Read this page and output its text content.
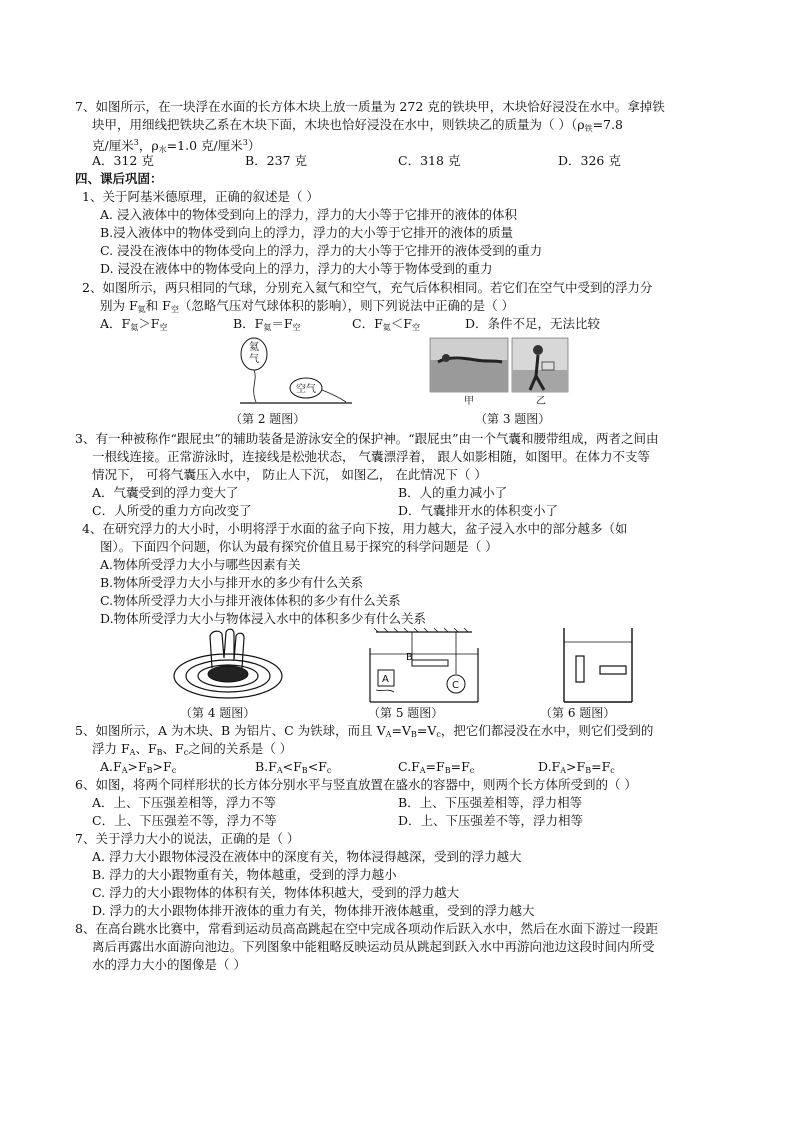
7、如图所示，在一块浮在水面的长方体木块上放一质量为 272 克的铁块甲，木块恰好浸没在水中。拿掉铁
块甲，用细线把铁块乙系在木块下面，木块也恰好浸没在水中，则铁块乙的质量为（ ）（$\rho_铁=7.8$
克/厘米$^3$，$\rho_水=1.0$ 克/厘米$^3$）
A．312 克	B．237 克	C．318 克	D．326 克
四、课后巩固：
1、关于阿基米德原理，正确的叙述是（ ）
A. 浸入液体中的物体受到向上的浮力，浮力的大小等于它排开的液体的体积
B.浸入液体中的物体受到向上的浮力，浮力的大小等于它排开的液体的质量
C. 浸没在液体中的物体受向上的浮力，浮力的大小等于它排开的液体受到的重力
D. 浸没在液体中的物体受向上的浮力，浮力的大小等于物体受到的重力
2、如图所示，两只相同的气球，分别充入氦气和空气，充气后体积相同。若它们在空气中受到的浮力分
别为 $F_氦$和 $F_空$（忽略气压对气球体积的影响），则下列说法中正确的是（ ）
A．$F_氦>F_空$	B．$F_氦=F_空$	C．$F_氦<F_空$	D．条件不足，无法比较
氦
气
空气
（第 2 题图）
甲	乙
（第 3 题图）
3、有一种被称作“跟屁虫”的辅助装备是游泳安全的保护神。“跟屁虫”由一个气囊和腰带组成，两者之间由
一根线连接。正常游泳时，连接线是松弛状态， 气囊漂浮着， 跟人如影相随，如图甲。在体力不支等
情况下， 可将气囊压入水中， 防止人下沉， 如图乙， 在此情况下（ ）
A．气囊受到的浮力变大了	B．人的重力减小了
C．人所受的重力方向改变了	D．气囊排开水的体积变小了
4、在研究浮力的大小时，小明将浮于水面的盆子向下按，用力越大，盆子浸入水中的部分越多（如
图）。下面四个问题，你认为最有探究价值且易于探究的科学问题是（ ）
A.物体所受浮力大小与哪些因素有关
B.物体所受浮力大小与排开水的多少有什么关系
C.物体所受浮力大小与排开液体体积的多少有什么关系
D.物体所受浮力大小与物体浸入水中的体积多少有什么关系
（第 4 题图）
A
B
C
（第 5 题图）	（第 6 题图）
5、如图所示，A 为木块、B 为铝片、C 为铁球，而且 $V_A=V_B=V_c$，把它们都浸没在水中，则它们受到的
浮力 $F_A$、$F_B$、$F_c$之间的关系是（ ）
$A.F_A>F_B>F_c$	$B.F_A<F_B<F_c$	$C.F_A=F_B=F_c$	$D.F_A>F_B=F_c$
6、如图，将两个同样形状的长方体分别水平与竖直放置在盛水的容器中，则两个长方体所受到的（ ）
A．上、下压强差相等，浮力不等	B．上、下压强差相等，浮力相等
C．上、下压强差不等，浮力不等	D．上、下压强差不等，浮力相等
7、关于浮力大小的说法，正确的是（ ）
A. 浮力大小跟物体浸没在液体中的深度有关，物体浸得越深，受到的浮力越大
B. 浮力的大小跟物重有关，物体越重，受到的浮力越小
C. 浮力的大小跟物体的体积有关，物体体积越大，受到的浮力越大
D. 浮力的大小跟物体排开液体的重力有关，物体排开液体越重，受到的浮力越大
8、在高台跳水比赛中，常看到运动员高高跳起在空中完成各项动作后跃入水中，然后在水面下游过一段距
离后再露出水面游向池边。下列图象中能粗略反映运动员从跳起到跃入水中再游向池边这段时间内所受
水的浮力大小的图像是（ ）
